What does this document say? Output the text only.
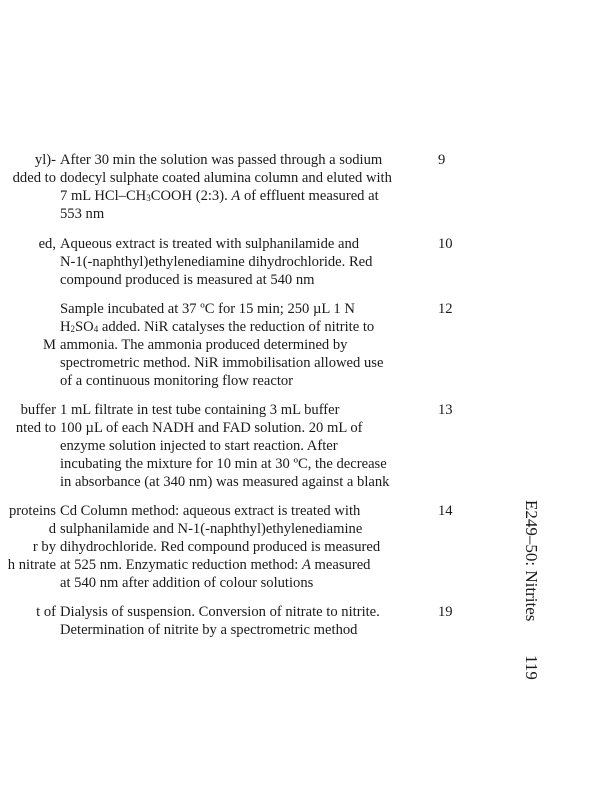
yl)-
dded to
After 30 min the solution was passed through a sodium
dodecyl sulphate coated alumina column and eluted with
7 mL HCl–$CH_3COOH$ (2:3). A of effluent measured at
553 nm
9
ed, Aqueous extract is treated with sulphanilamide and
N-1(-naphthyl)ethylenediamine dihydrochloride. Red
compound produced is measured at 540 nm
10

M
Sample incubated at 37 ºC for 15 min; 250 µL 1 N
$H_2SO_4$ added. NiR catalyses the reduction of nitrite to
ammonia. The ammonia produced determined by
spectrometric method. NiR immobilisation allowed use
of a continuous monitoring flow reactor
12
buffer
nted to
1 mL filtrate in test tube containing 3 mL buffer
100 µL of each NADH and FAD solution. 20 mL of
enzyme solution injected to start reaction. After
incubating the mixture for 10 min at 30 ºC, the decrease
in absorbance (at 340 nm) was measured against a blank
13
proteins
d
r by
h nitrate
Cd Column method: aqueous extract is treated with
sulphanilamide and N-1(-naphthyl)ethylenediamine
dihydrochloride. Red compound produced is measured
at 525 nm. Enzymatic reduction method: A measured
at 540 nm after addition of colour solutions
14
t of Dialysis of suspension. Conversion of nitrate to nitrite.
Determination of nitrite by a spectrometric method
19	E249–50: Nitrites119
